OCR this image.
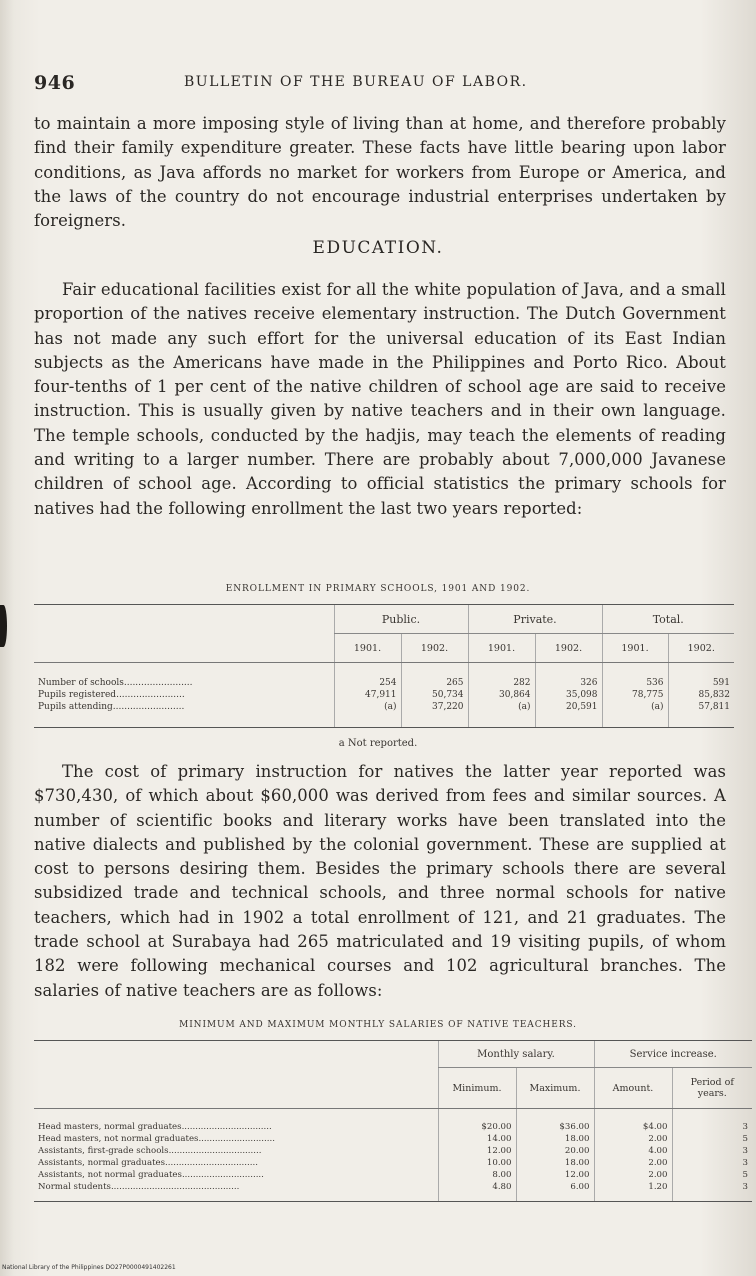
946	BULLETIN OF THE BUREAU OF LABOR.

to maintain a more imposing style of living than at home, and therefore probably find their family expenditure greater. These facts have little bearing upon labor conditions, as Java affords no market for workers from Europe or America, and the laws of the country do not encourage industrial enterprises undertaken by foreigners.

EDUCATION.

Fair educational facilities exist for all the white population of Java, and a small proportion of the natives receive elementary instruction. The Dutch Government has not made any such effort for the universal education of its East Indian subjects as the Americans have made in the Philippines and Porto Rico. About four-tenths of 1 per cent of the native children of school age are said to receive instruction. This is usually given by native teachers and in their own language. The temple schools, conducted by the hadjis, may teach the elements of reading and writing to a larger number. There are probably about 7,000,000 Javanese children of school age. According to official statistics the primary schools for natives had the following enrollment the last two years reported:

ENROLLMENT IN PRIMARY SCHOOLS, 1901 AND 1902.
	Public.		Private.		Total.	
	1901.	1902.	1901.	1902.	1901.	1902.
Number of schools........................	254	265	282	326	536	591
Pupils registered........................	47,911	50,734	30,864	35,098	78,775	85,832
Pupils attending.........................	(a)	37,220	(a)	20,591	(a)	57,811
a Not reported.

The cost of primary instruction for natives the latter year reported was $730,430, of which about $60,000 was derived from fees and similar sources. A number of scientific books and literary works have been translated into the native dialects and published by the colonial government. These are supplied at cost to persons desiring them. Besides the primary schools there are several subsidized trade and technical schools, and three normal schools for native teachers, which had in 1902 a total enrollment of 121, and 21 graduates. The trade school at Surabaya had 265 matriculated and 19 visiting pupils, of whom 182 were following mechanical courses and 102 agricultural branches. The salaries of native teachers are as follows:

MINIMUM AND MAXIMUM MONTHLY SALARIES OF NATIVE TEACHERS.
	Monthly salary.		Service increase.	
	Minimum.	Maximum.	Amount.	Period of years.
Head masters, normal graduates.................................	$20.00	$36.00	$4.00	3
Head masters, not normal graduates............................	14.00	18.00	2.00	5
Assistants, first-grade schools..................................	12.00	20.00	4.00	3
Assistants, normal graduates..................................	10.00	18.00	2.00	3
Assistants, not normal graduates..............................	8.00	12.00	2.00	5
Normal students...............................................	4.80	6.00	1.20	3
National Library of the Philippines DO27P0000491402261
